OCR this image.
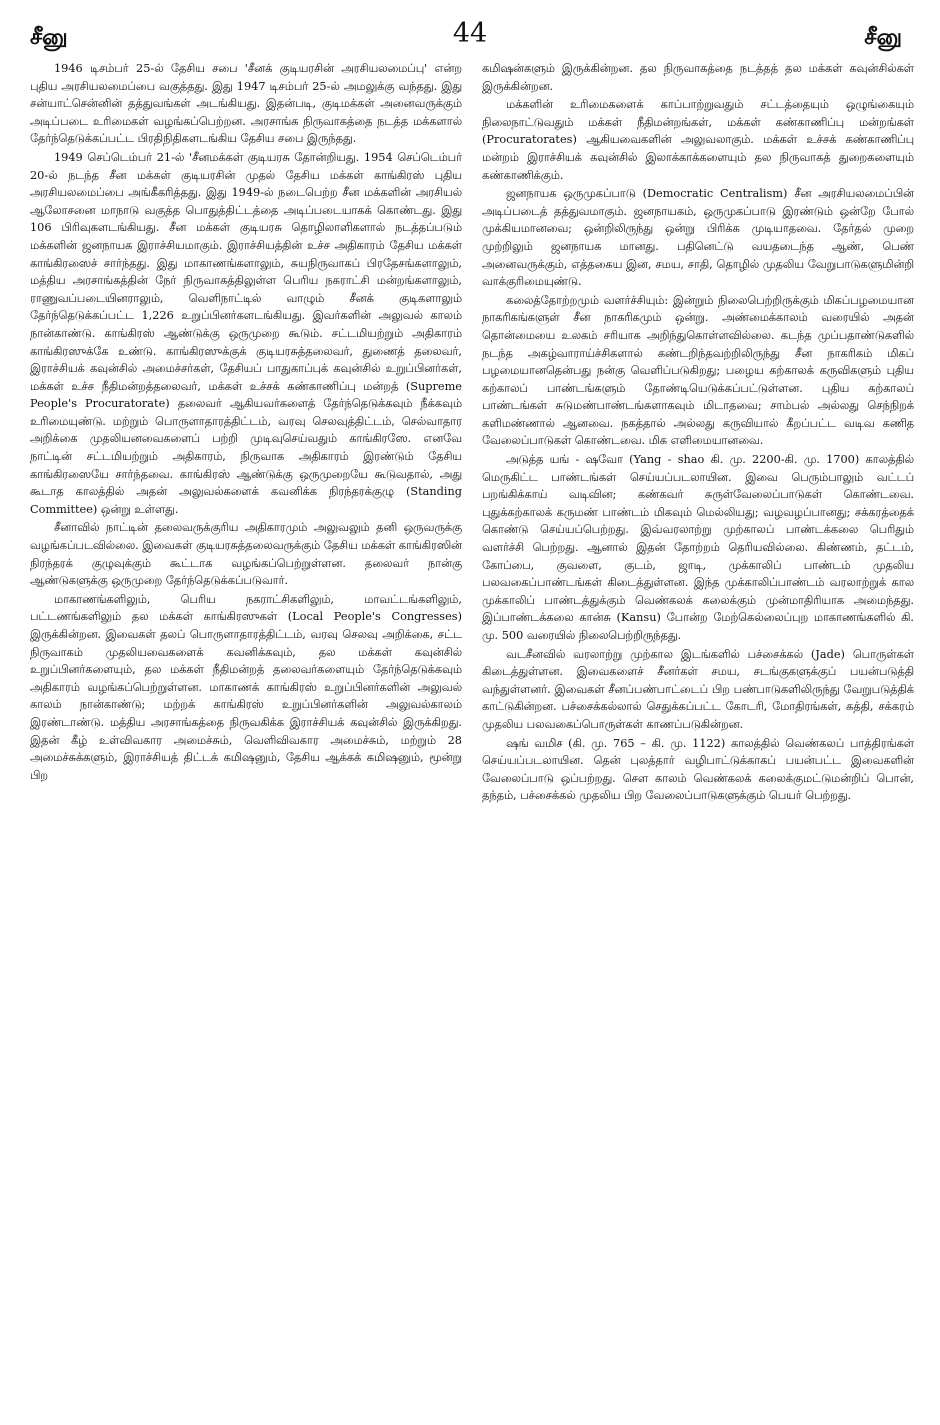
சீனு	44	சீனு

1946 டிசம்பர் 25-ல் தேசிய சபை 'சீனக் குடியரசின் அரசியலமைப்பு' என்ற புதிய அரசியலமைப்பை வகுத்தது. இது 1947 டிசம்பர் 25-ல் அமலுக்கு வந்தது. இது சன்யாட்சென்னின் தத்துவங்கள் அடங்கியது. இதன்படி, குடிமக்கள் அனைவருக்கும் அடிப்படை உரிமைகள் வழங்கப்பெற்றன. அரசாங்க நிருவாகத்தை நடத்த மக்களால் தேர்ந்தெடுக்கப்பட்ட பிரதிநிதிகளடங்கிய தேசிய சபை இருந்தது.

1949 செப்டெம்பர் 21-ல் 'சீனமக்கள் குடியரசு தோன்றியது. 1954 செப்டெம்பர் 20-ல் நடந்த சீன மக்கள் குடியரசின் முதல் தேசிய மக்கள் காங்கிரஸ் புதிய அரசியலமைப்பை அங்கீகரித்தது. இது 1949-ல் நடைபெற்ற சீன மக்களின் அரசியல் ஆலோசனை மாநாடு வகுத்த பொதுத்திட்டத்தை அடிப்படையாகக் கொண்டது. இது 106 பிரிவுகளடங்கியது. சீன மக்கள் குடியரசு தொழிலாளிகளால் நடத்தப்படும் மக்களின் ஜனநாயக இராச்சியமாகும். இராச்சியத்தின் உச்ச அதிகாரம் தேசிய மக்கள் காங்கிரஸைச் சார்ந்தது. இது மாகாணங்களாலும், சுயநிருவாகப் பிரதேசங்களாலும், மத்திய அரசாங்கத்தின் நேர் நிருவாகத்திலுள்ள பெரிய நகராட்சி மன்றங்களாலும், ராணுவப்படையினராலும், வெளிநாட்டில் வாழும் சீனக் குடிகளாலும் தேர்ந்தெடுக்கப்பட்ட 1,226 உறுப்பினர்களடங்கியது. இவர்களின் அலுவல் காலம் நான்காண்டு. காங்கிரஸ் ஆண்டுக்கு ஒருமுறை கூடும். சட்டமியற்றும் அதிகாரம் காங்கிரஸுக்கே உண்டு. காங்கிரஸுக்குக் குடியரசுத்தலைவர், துணைத் தலைவர், இராச்சியக் கவுன்சில் அமைச்சர்கள், தேசியப் பாதுகாப்புக் கவுன்சில் உறுப்பினர்கள், மக்கள் உச்ச நீதிமன்றத்தலைவர், மக்கள் உச்சக் கண்காணிப்பு மன்றத் (Supreme People's Procuratorate) தலைவர் ஆகியவர்களைத் தேர்ந்தெடுக்கவும் நீக்கவும் உரிமையுண்டு. மற்றும் பொருளாதாரத்திட்டம், வரவு செலவுத்திட்டம், செல்வாதார அறிக்கை முதலியனவைகளைப் பற்றி முடிவுசெய்வதும் காங்கிரஸே. எனவே நாட்டின் சட்டமியற்றும் அதிகாரம், நிருவாக அதிகாரம் இரண்டும் தேசிய காங்கிரஸையே சார்ந்தவை. காங்கிரஸ் ஆண்டுக்கு ஒருமுறையே கூடுவதால், அது கூடாத காலத்தில் அதன் அலுவல்களைக் கவனிக்க நிரந்தரக்குழு (Standing Committee) ஒன்று உள்ளது.

சீனாவில் நாட்டின் தலைவருக்குரிய அதிகாரமும் அலுவலும் தனி ஒருவருக்கு வழங்கப்படவில்லை. இவைகள் குடியரசுத்தலைவருக்கும் தேசிய மக்கள் காங்கிரஸின் நிரந்தரக் குழுவுக்கும் கூட்டாக வழங்கப்பெற்றுள்ளன. தலைவர் நான்கு ஆண்டுகளுக்கு ஒருமுறை தேர்ந்தெடுக்கப்படுவார்.

மாகாணங்களிலும், பெரிய நகராட்சிகளிலும், மாவட்டங்களிலும், பட்டணங்களிலும் தல மக்கள் காங்கிரஸுகள் (Local People's Congresses) இருக்கின்றன. இவைகள் தலப் பொருளாதாரத்திட்டம், வரவு செலவு அறிக்கை, சட்ட நிருவாகம் முதலியவைகளைக் கவனிக்கவும், தல மக்கள் கவுன்சில் உறுப்பினர்களையும், தல மக்கள் நீதிமன்றத் தலைவர்களையும் தேர்ந்தெடுக்கவும் அதிகாரம் வழங்கப்பெற்றுள்ளன. மாகாணக் காங்கிரஸ் உறுப்பினர்களின் அலுவல் காலம் நான்காண்டு; மற்றக் காங்கிரஸ் உறுப்பினர்களின் அலுவல்காலம் இரண்டாண்டு. மத்திய அரசாங்கத்தை நிருவகிக்க இராச்சியக் கவுன்சில் இருக்கிறது. இதன் கீழ் உள்விவகார அமைச்சும், வெளிவிவகார அமைச்சும், மற்றும் 28 அமைச்சுக்களும், இராச்சியத் திட்டக் கமிஷனும், தேசிய ஆக்கக் கமிஷனும், மூன்று பிற

கமிஷன்களும் இருக்கின்றன. தல நிருவாகத்தை நடத்தத் தல மக்கள் கவுன்சில்கள் இருக்கின்றன.

மக்களின் உரிமைகளைக் காப்பாற்றுவதும் சட்டத்தையும் ஒழுங்கையும் நிலைநாட்டுவதும் மக்கள் நீதிமன்றங்கள், மக்கள் கண்காணிப்பு மன்றங்கள் (Procuratorates) ஆகியவைகளின் அலுவலாகும். மக்கள் உச்சக் கண்காணிப்பு மன்றம் இராச்சியக் கவுன்சில் இலாக்காக்களையும் தல நிருவாகத் துறைகளையும் கண்காணிக்கும்.

ஜனநாயக ஒருமுகப்பாடு (Democratic Centralism) சீன அரசியலமைப்பின் அடிப்படைத் தத்துவமாகும். ஜனநாயகம், ஒருமுகப்பாடு இரண்டும் ஒன்றே போல் முக்கியமானவை; ஒன்றிலிருந்து ஒன்று பிரிக்க முடியாதவை. தேர்தல் முறை முற்றிலும் ஜனநாயக மானது. பதினெட்டு வயதடைந்த ஆண், பெண் அனைவருக்கும், எத்தகைய இன, சமய, சாதி, தொழில் முதலிய வேறுபாடுகளுமின்றி வாக்குரிமையுண்டு.

கலைத்தோற்றமும் வளர்ச்சியும்: இன்றும் நிலைபெற்றிருக்கும் மிகப்பழமையான நாகரிகங்களுள் சீன நாகரிகமும் ஒன்று. அண்மைக்காலம் வரையில் அதன் தொன்மையை உலகம் சரியாக அறிந்துகொள்ளவில்லை. கடந்த முப்பதாண்டுகளில் நடந்த அகழ்வாராய்ச்சிகளால் கண்டறிந்தவற்றிலிருந்து சீன நாகரிகம் மிகப் பழமையானதென்பது நன்கு வெளிப்படுகிறது; பழைய கற்காலக் கருவிகளும் புதிய கற்காலப் பாண்டங்களும் தோண்டியெடுக்கப்பட்டுள்ளன. புதிய கற்காலப் பாண்டங்கள் சுடுமண்பாண்டங்களாகவும் மிடாதவை; சாம்பல் அல்லது செந்நிறக் களிமண்ணால் ஆனவை. நகத்தால் அல்லது கருவியால் கீறப்பட்ட வடிவ கணித வேலைப்பாடுகள் கொண்டவை. மிக எளிமையானவை.

அடுத்த யங் - ஷவோ (Yang - shao கி. மு. 2200-கி. மு. 1700) காலத்தில் மெருகிட்ட பாண்டங்கள் செய்யப்படலாயின. இவை பெரும்பாலும் வட்டப் பறங்கிக்காய் வடிவின; கண்கவர் சுருள்வேலைப்பாடுகள் கொண்டவை. புதுக்கற்காலக் கருமண் பாண்டம் மிகவும் மெல்லியது; வழவழப்பானது; சக்கரத்தைக் கொண்டு செய்யப்பெற்றது. இவ்வரலாற்று முற்காலப் பாண்டக்கலை பெரிதும் வளர்ச்சி பெற்றது. ஆனால் இதன் தோற்றம் தெரியவில்லை. கிண்ணம், தட்டம், கோப்பை, குவளை, குடம், ஜாடி, முக்காலிப் பாண்டம் முதலிய பலவகைப்பாண்டங்கள் கிடைத்துள்ளன. இந்த முக்காலிப்பாண்டம் வரலாற்றுக் கால முக்காலிப் பாண்டத்துக்கும் வெண்கலக் கலைக்கும் முன்மாதிரியாக அமைந்தது. இப்பாண்டக்கலை கான்சு (Kansu) போன்ற மேற்கெல்லைப்புற மாகாணங்களில் கி. மு. 500 வரையில் நிலைபெற்றிருந்தது.

வடசீனவில் வரலாற்று முற்கால இடங்களில் பச்சைக்கல் (Jade) பொருள்கள் கிடைத்துள்ளன. இவைகளைச் சீனர்கள் சமய, சடங்குகளுக்குப் பயன்படுத்தி வந்துள்ளனர். இவைகள் சீனப்பண்பாட்டைப் பிற பண்பாடுகளிலிருந்து வேறுபடுத்திக் காட்டுகின்றன. பச்சைக்கல்லால் செதுக்கப்பட்ட கோடரி, மோதிரங்கள், கத்தி, சக்கரம் முதலிய பலவகைப்பொருள்கள் காணப்படுகின்றன.

ஷங் வமிச (கி. மு. 765 – கி. மு. 1122) காலத்தில் வெண்கலப் பாத்திரங்கள் செய்யப்படலாயின. தென் புலத்தார் வழிபாட்டுக்காகப் பயன்பட்ட இவைகளின் வேலைப்பாடு ஒப்பற்றது. சௌ காலம் வெண்கலக் கலைக்குமட்டுமன்றிப் பொன், தந்தம், பச்சைக்கல் முதலிய பிற வேலைப்பாடுகளுக்கும் பெயர் பெற்றது.
